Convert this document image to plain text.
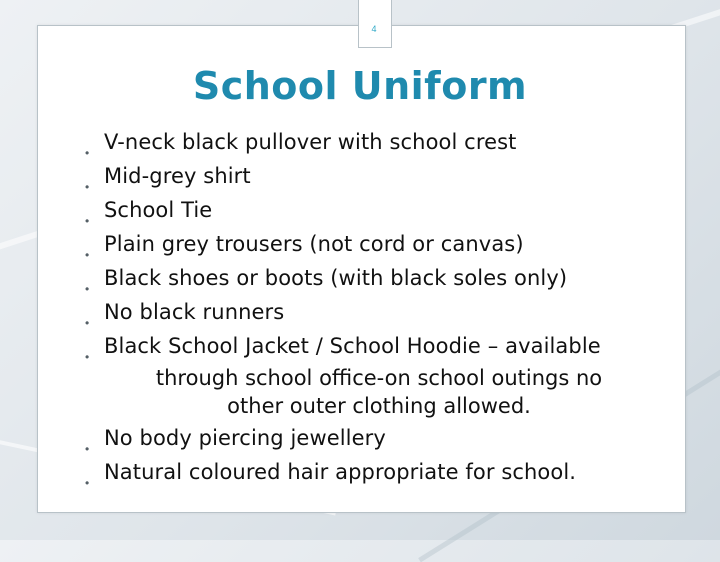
4
School Uniform
• V-neck black pullover with school crest
• Mid-grey shirt
• School Tie
• Plain grey trousers (not cord or canvas)
• Black shoes or boots (with black soles only)
• No black runners
• Black School Jacket / School Hoodie – available
through school office-on school outings no
other outer clothing allowed.
• No body piercing jewellery
• Natural coloured hair appropriate for school.
